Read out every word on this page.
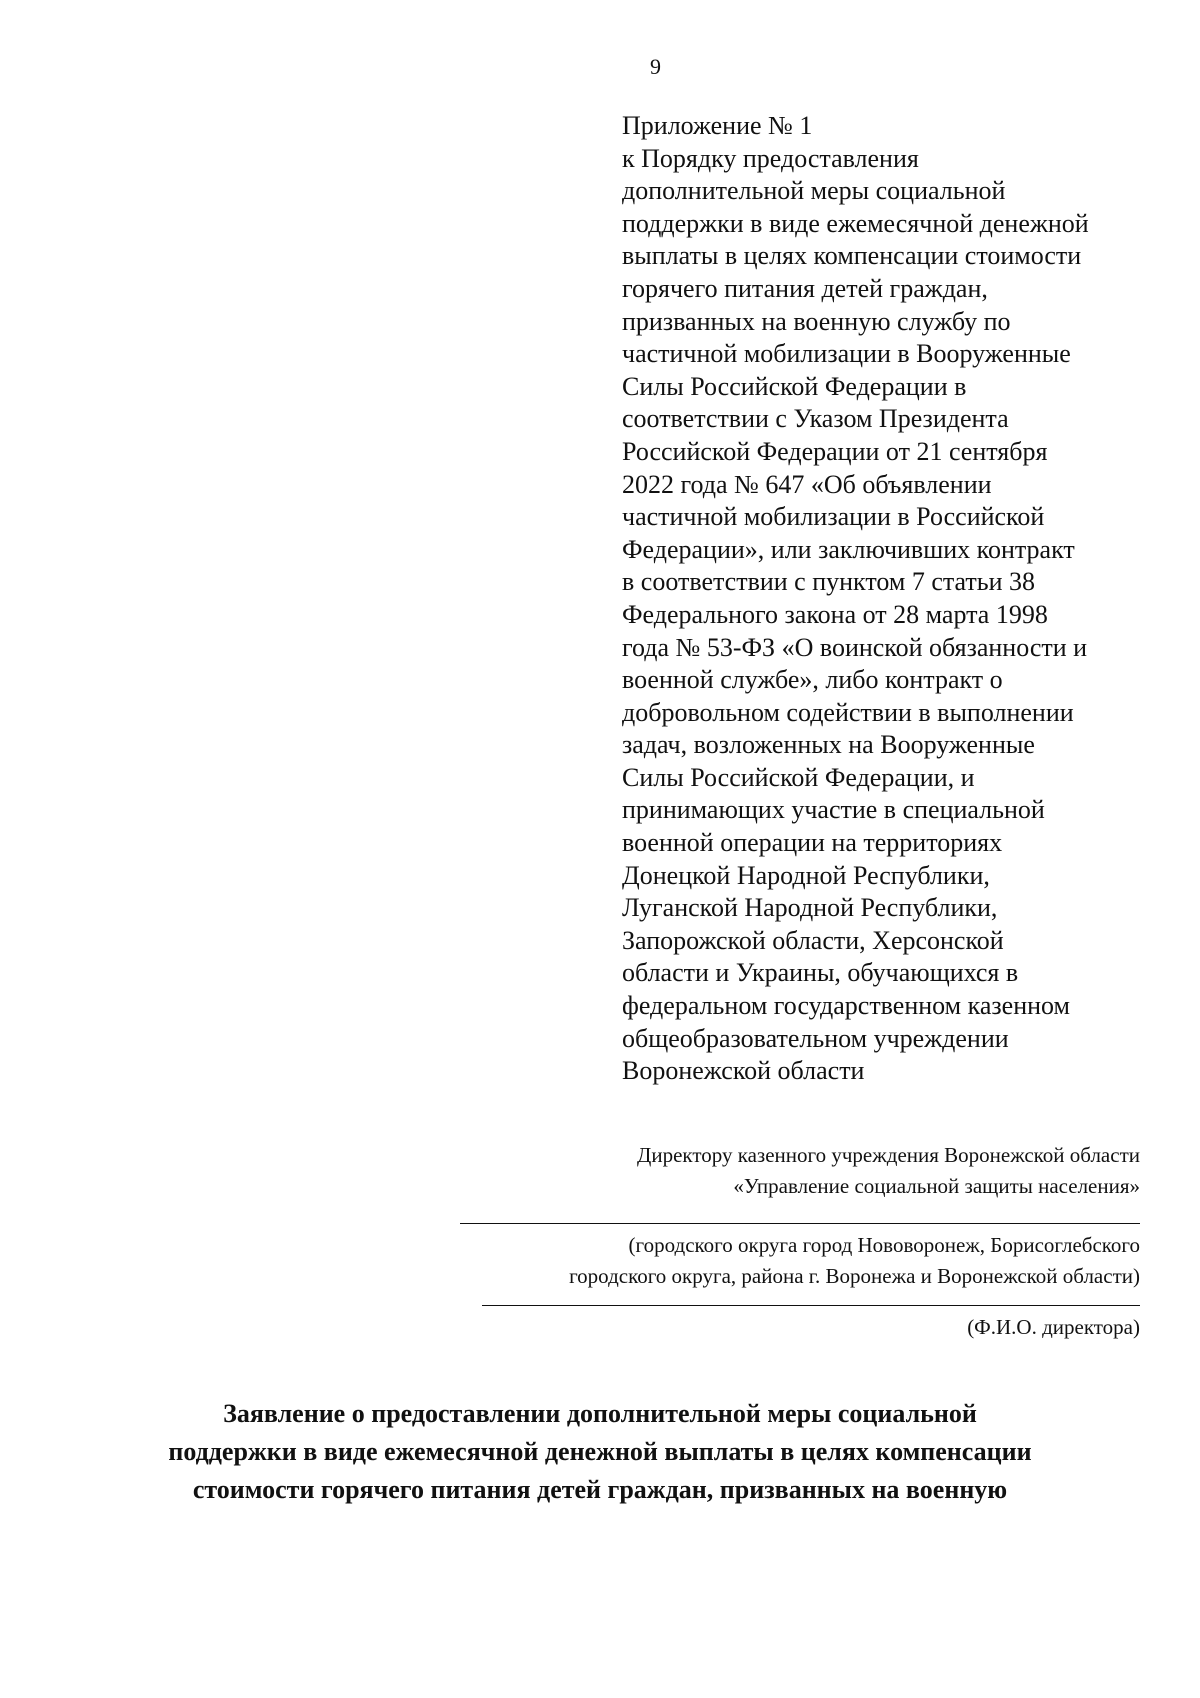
9
Приложение № 1
к Порядку предоставления
дополнительной меры социальной
поддержки в виде ежемесячной денежной
выплаты в целях компенсации стоимости
горячего питания детей граждан,
призванных на военную службу по
частичной мобилизации в Вооруженные
Силы Российской Федерации в
соответствии с Указом Президента
Российской Федерации от 21 сентября
2022 года № 647 «Об объявлении
частичной мобилизации в Российской
Федерации», или заключивших контракт
в соответствии с пунктом 7 статьи 38
Федерального закона от 28 марта 1998
года № 53-ФЗ «О воинской обязанности и
военной службе», либо контракт о
добровольном содействии в выполнении
задач, возложенных на Вооруженные
Силы Российской Федерации, и
принимающих участие в специальной
военной операции на территориях
Донецкой Народной Республики,
Луганской Народной Республики,
Запорожской области, Херсонской
области и Украины, обучающихся в
федеральном государственном казенном
общеобразовательном учреждении
Воронежской области
Директору казенного учреждения Воронежской области
«Управление социальной защиты населения»
(городского округа город Нововоронеж, Борисоглебского
городского округа, района г. Воронежа и Воронежской области)
(Ф.И.О. директора)
Заявление о предоставлении дополнительной меры социальной
поддержки в виде ежемесячной денежной выплаты в целях компенсации
стоимости горячего питания детей граждан, призванных на военную
